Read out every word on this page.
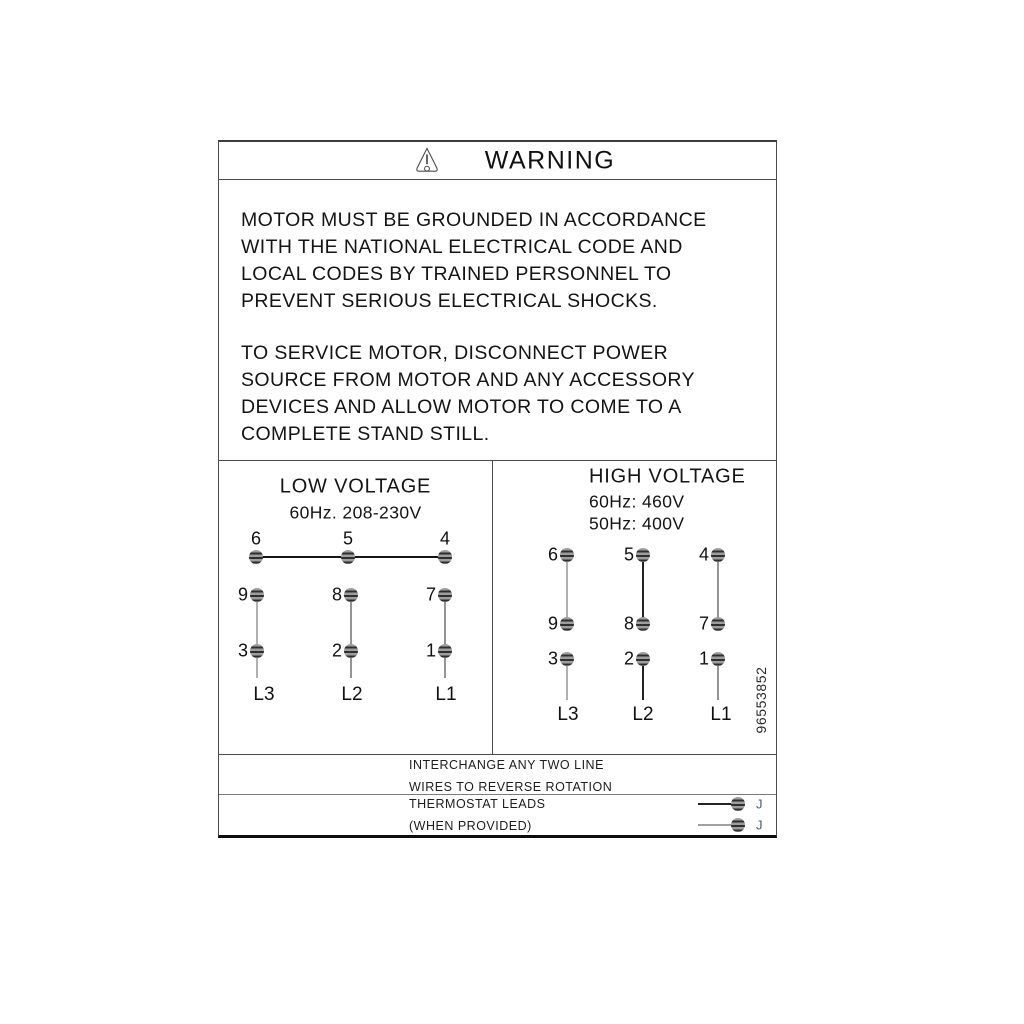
WARNING
MOTOR MUST BE GROUNDED IN ACCORDANCE
WITH THE NATIONAL ELECTRICAL CODE AND
LOCAL CODES BY TRAINED PERSONNEL TO
PREVENT SERIOUS ELECTRICAL SHOCKS.
TO SERVICE MOTOR, DISCONNECT POWER
SOURCE FROM MOTOR AND ANY ACCESSORY
DEVICES AND ALLOW MOTOR TO COME TO A
COMPLETE STAND STILL.
LOW VOLTAGE
60Hz. 208-230V
6	5	4
9	8	7
3	2	1
L3	L2	L1
HIGH VOLTAGE
60Hz: 460V
50Hz: 400V
6	5	4
9	8	7
3	2	1
L3	L2	L1 96553852
INTERCHANGE ANY TWO LINE
WIRES TO REVERSE ROTATION
THERMOSTAT LEADS
(WHEN PROVIDED)
J
J
